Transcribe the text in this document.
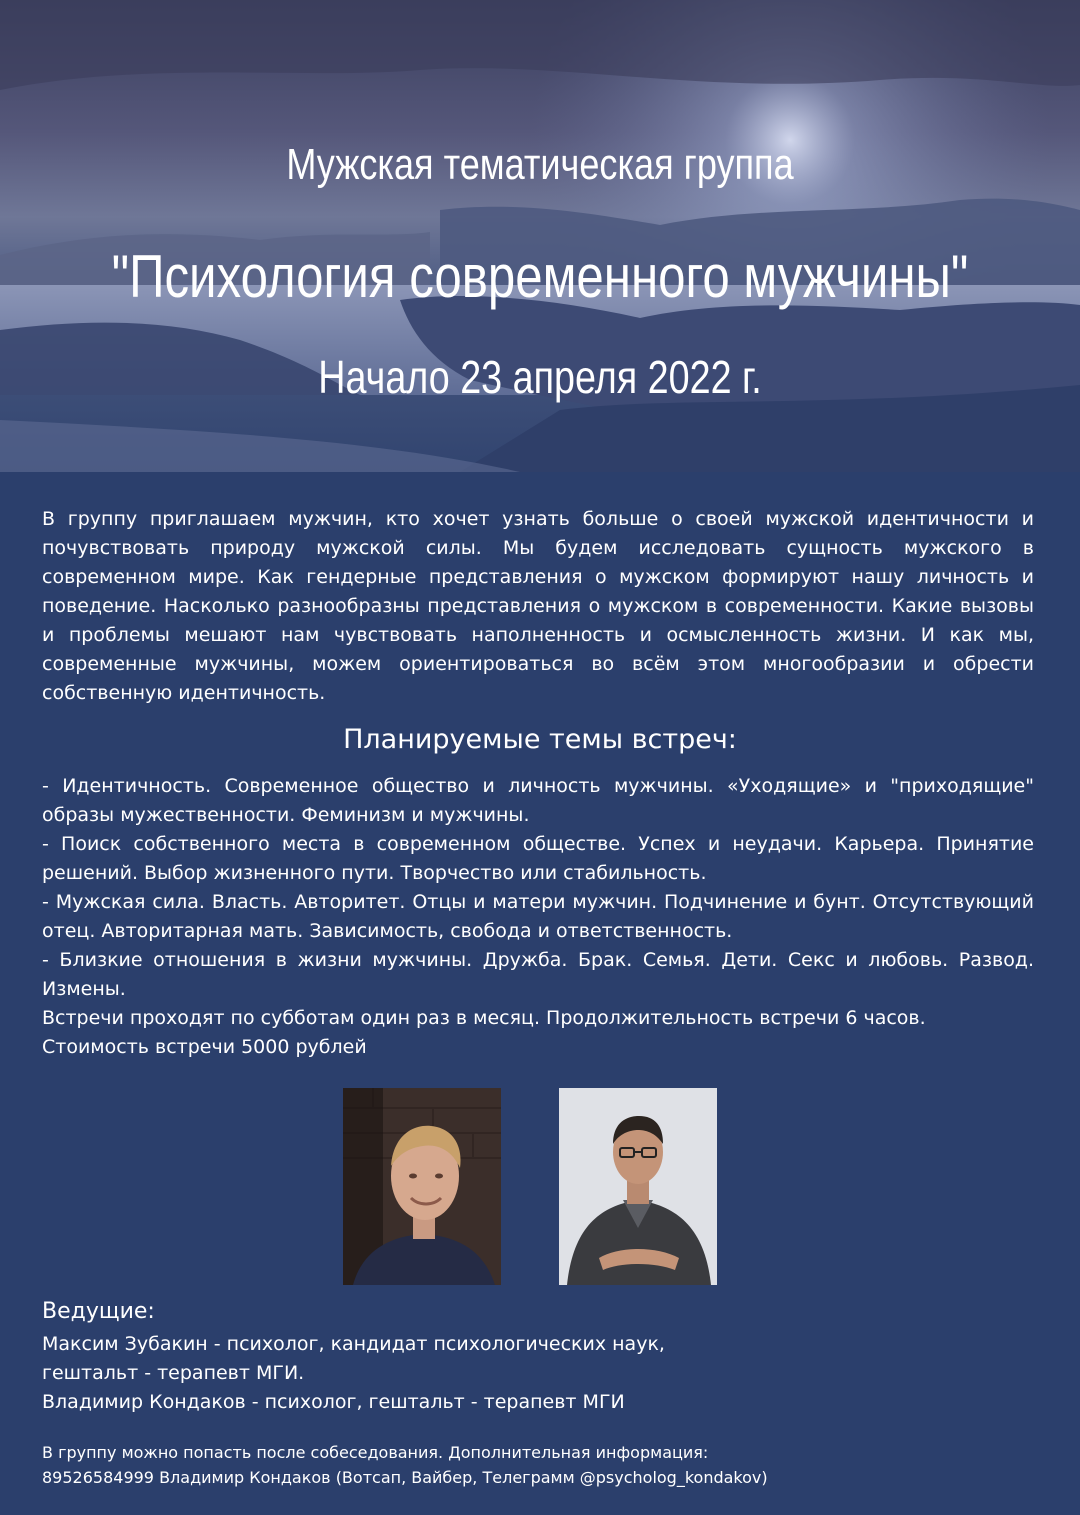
Мужская тематическая группа
"Психология современного мужчины"
Начало 23 апреля 2022 г.
В группу приглашаем мужчин, кто хочет узнать больше о своей мужской идентичности и почувствовать природу мужской силы. Мы будем исследовать сущность мужского в современном мире. Как гендерные представления о мужском формируют нашу личность и поведение. Насколько разнообразны представления о мужском в современности. Какие вызовы и проблемы мешают нам чувствовать наполненность и осмысленность жизни. И как мы, современные мужчины, можем ориентироваться во всём этом многообразии и обрести собственную идентичность.
Планируемые темы встреч:

- Идентичность. Современное общество и личность мужчины. «Уходящие» и "приходящие" образы мужественности. Феминизм и мужчины.

- Поиск собственного места в современном обществе. Успех и неудачи. Карьера. Принятие решений. Выбор жизненного пути. Творчество или стабильность.

- Мужская сила. Власть. Авторитет. Отцы и матери мужчин. Подчинение и бунт. Отсутствующий отец. Авторитарная мать. Зависимость, свобода и ответственность.

- Близкие отношения в жизни мужчины. Дружба. Брак. Семья. Дети. Секс и любовь. Развод. Измены.

Встречи проходят по субботам один раз в месяц. Продолжительность встречи 6 часов.

Стоимость встречи 5000 рублей

Ведущие:
Максим Зубакин - психолог, кандидат психологических наук,
гештальт - терапевт МГИ.
Владимир Кондаков - психолог, гештальт - терапевт МГИ
В группу можно попасть после собеседования. Дополнительная информация:
89526584999 Владимир Кондаков (Вотсап, Вайбер, Телеграмм @psycholog_kondakov)
